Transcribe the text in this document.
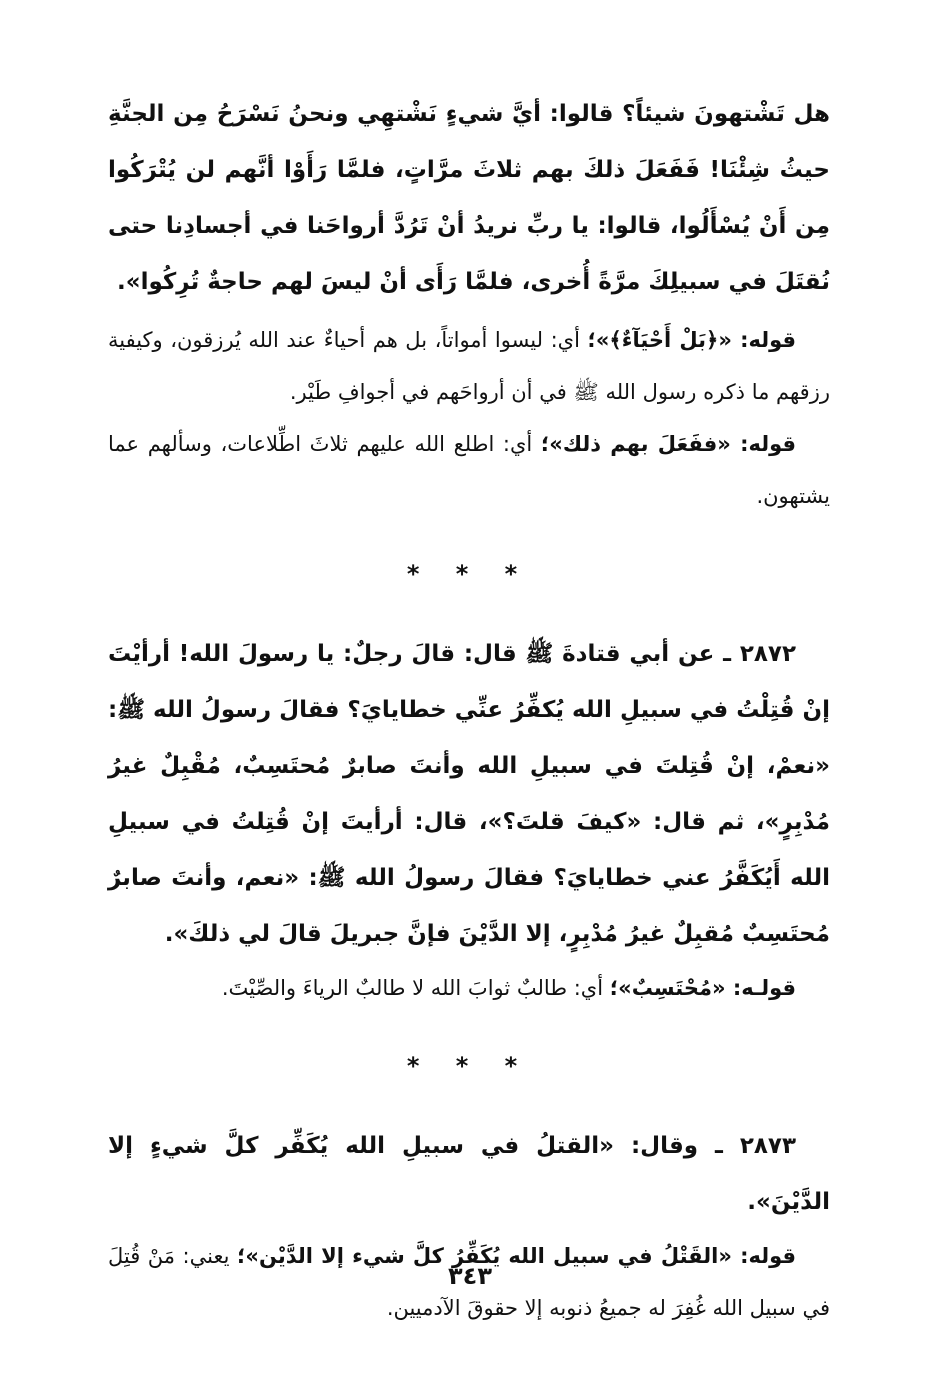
هل تَشْتهونَ شيئاً؟ قالوا: أيَّ شيءٍ نَشْتهِي ونحنُ نَسْرَحُ مِن الجنَّةِ حيثُ شِئْنَا! فَفَعَلَ ذلكَ بهم ثلاثَ مرَّاتٍ، فلمَّا رَأَوْا أنَّهم لن يُتْرَكُوا مِن أَنْ يُسْأَلُوا، قالوا: يا ربِّ نريدُ أنْ تَرُدَّ أرواحَنا في أجسادِنا حتى نُقتَلَ في سبيلِكَ مرَّةً أُخرى، فلمَّا رَأَى أنْ ليسَ لهم حاجةٌ تُرِكُوا».

قوله: «﴿بَلْ أَحْيَآءٌ﴾»؛ أي: ليسوا أمواتاً، بل هم أحياءٌ عند الله يُرزقون، وكيفية رزقهم ما ذكره رسول الله ﷺ في أن أرواحَهم في أجوافِ طَيْر.

قوله: «ففَعَلَ بهم ذلك»؛ أي: اطلع الله عليهم ثلاثَ اطِّلاعات، وسألهم عما يشتهون.

* * *

٢٨٧٢ ـ عن أبي قتادةَ ﷺ قال: قالَ رجلٌ: يا رسولَ الله! أرأيْتَ إنْ قُتِلْتُ في سبيلِ الله يُكفِّرُ عنِّي خطايايَ؟ فقالَ رسولُ الله ﷺ: «نعمْ، إنْ قُتِلتَ في سبيلِ الله وأنتَ صابرٌ مُحتَسِبٌ، مُقْبِلٌ غيرُ مُدْبِرٍ»، ثم قال: «كيفَ قلتَ؟»، قال: أرأيتَ إنْ قُتِلتُ في سبيلِ الله أَيُكَفَّرُ عني خطايايَ؟ فقالَ رسولُ الله ﷺ: «نعم، وأنتَ صابرٌ مُحتَسِبٌ مُقبِلٌ غيرُ مُدْبِرٍ، إلا الدَّيْنَ فإنَّ جبريلَ قالَ لي ذلكَ».

قولـه: «مُحْتَسِبٌ»؛ أي: طالبٌ ثوابَ الله لا طالبٌ الرياءَ والصِّيْتَ.

* * *

٢٨٧٣ ـ وقال: «القتلُ في سبيلِ الله يُكَفِّر كلَّ شيءٍ إلا الدَّيْنَ».

قوله: «القَتْلُ في سبيل الله يُكَفِّرُ كلَّ شيء إلا الدَّيْن»؛ يعني: مَنْ قُتِلَ في سبيل الله غُفِرَ له جميعُ ذنوبه إلا حقوقَ الآدميين.

٣٤٣
